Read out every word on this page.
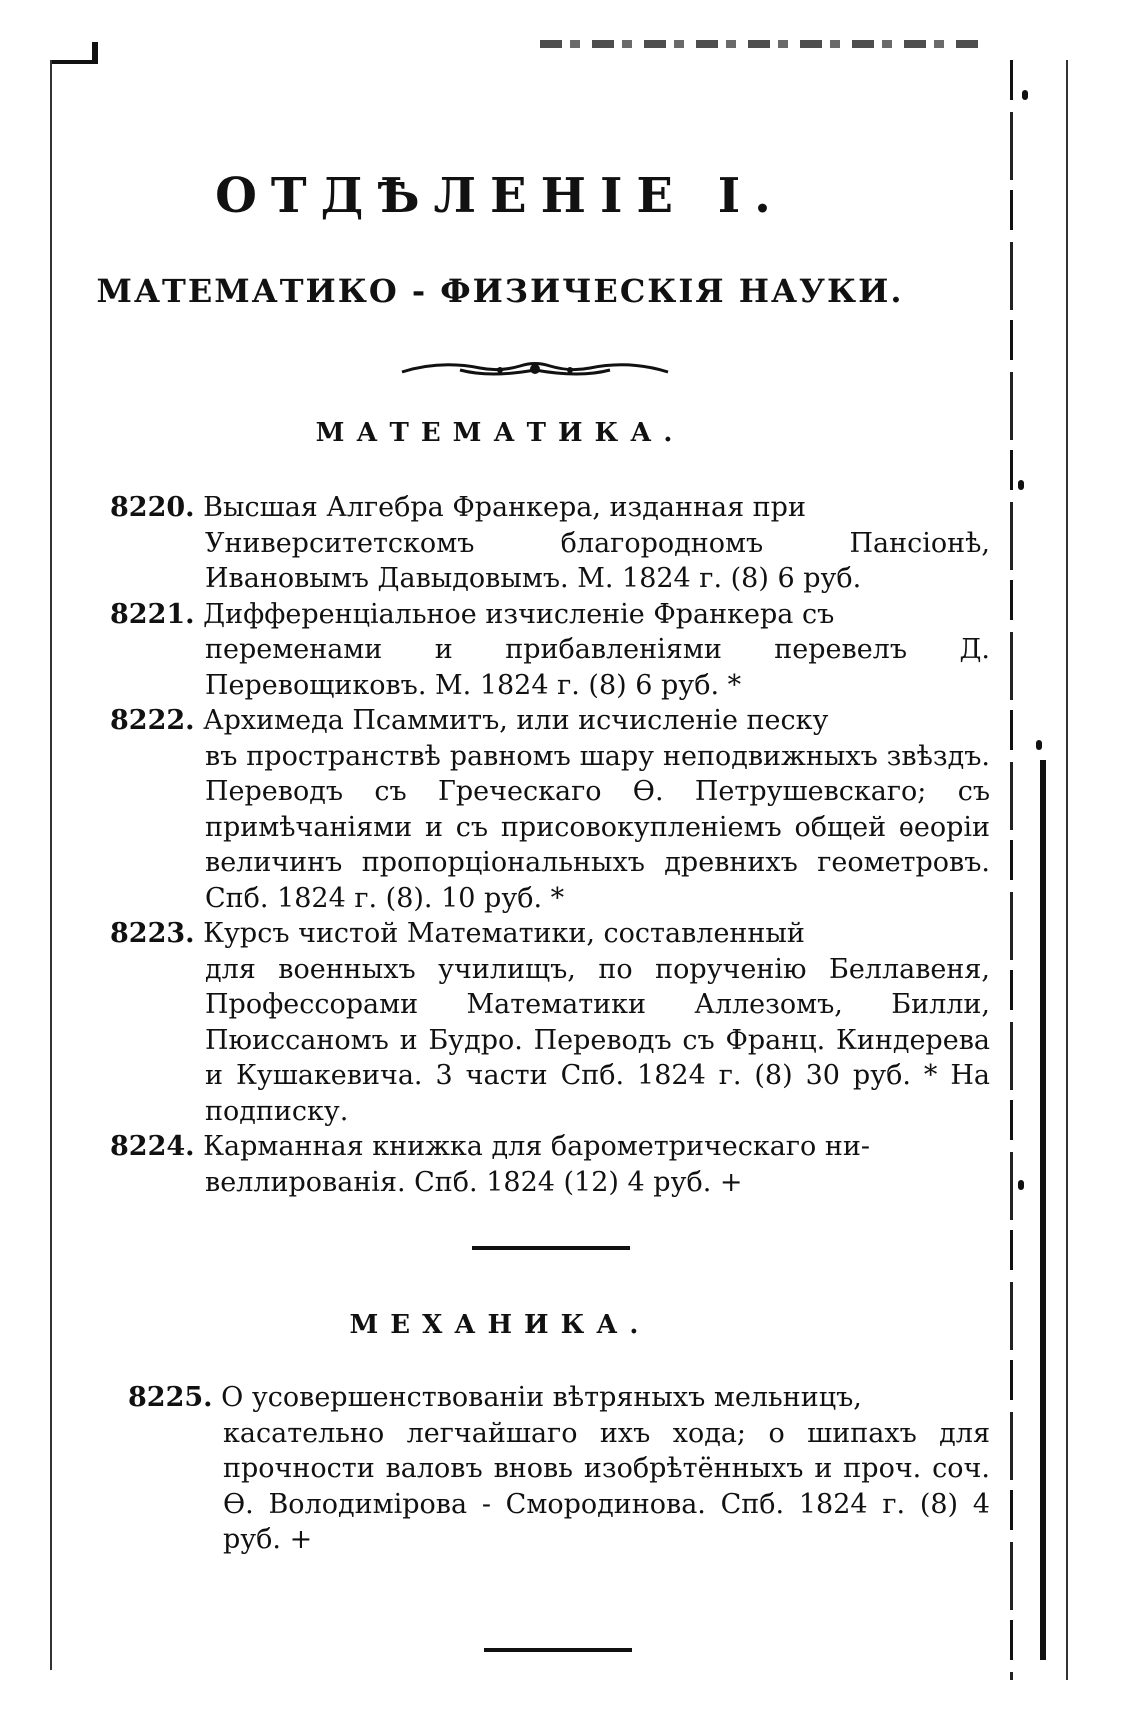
ОТДѢЛЕНІЕ I.
МАТЕМАТИКО - ФИЗИЧЕСКІЯ НАУКИ.
МАТЕМАТИКА.
8220. Высшая Алгебра Франкера, изданная при
Университетскомъ благородномъ Пансіонѣ, Ивановымъ Давыдовымъ. М. 1824 г. (8) 6 руб.
8221. Дифференціальное изчисленіе Франкера съ
переменами и прибавленіями перевелъ Д. Перевощиковъ. М. 1824 г. (8) 6 руб. *
8222. Архимеда Псаммитъ, или исчисленіе песку
въ пространствѣ равномъ шару неподвижныхъ звѣздъ. Переводъ съ Греческаго Ѳ. Петрушевскаго; съ примѣчаніями и съ присовокупленіемъ общей ѳеоріи величинъ пропорціональныхъ древнихъ геометровъ. Спб. 1824 г. (8). 10 руб. *
8223. Курсъ чистой Математики, составленный
для военныхъ училищъ, по порученію Беллавеня, Профессорами Математики Аллезомъ, Билли, Пюиссаномъ и Будро. Переводъ съ Франц. Киндерева и Кушакевича. 3 части Спб. 1824 г. (8) 30 руб. * На подписку.
8224. Карманная книжка для барометрическаго ни-
веллированія. Спб. 1824 (12) 4 руб. +
МЕХАНИКА.
8225. О усовершенствованіи вѣтряныхъ мельницъ,
касательно легчайшаго ихъ хода; о шипахъ для прочности валовъ вновь изобрѣтённыхъ и проч. соч. Ѳ. Володимірова - Смородинова. Спб. 1824 г. (8) 4 руб. +
